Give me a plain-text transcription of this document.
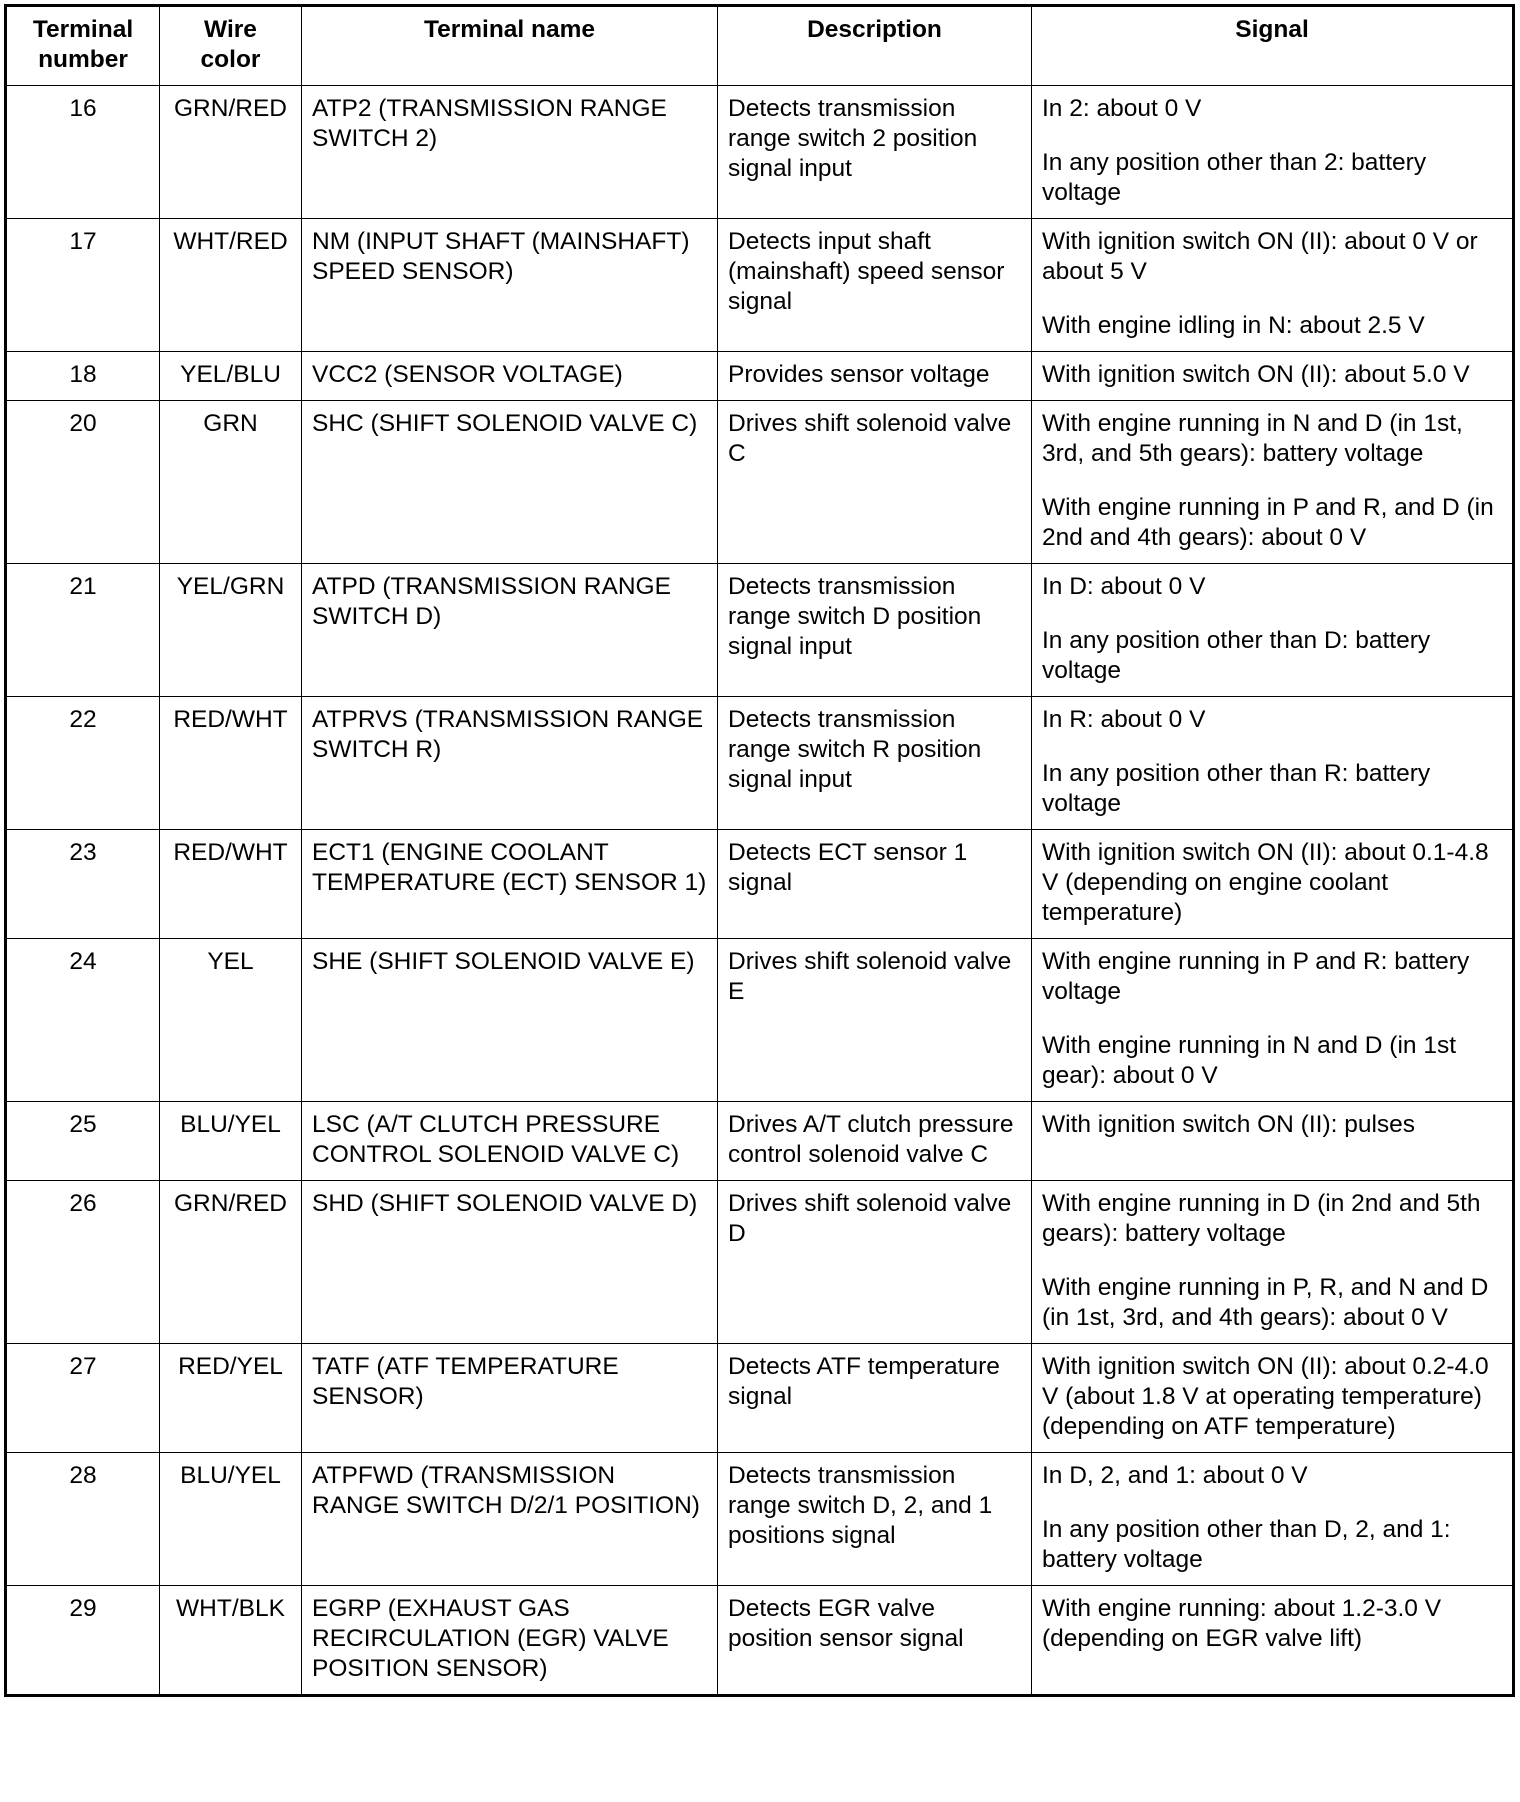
Terminal number	Wire color	Terminal name	Description	Signal
16	GRN/RED	ATP2 (TRANSMISSION RANGE SWITCH 2)	Detects transmission range switch 2 position signal input	In 2: about 0 V
In any position other than 2: battery voltage

17	WHT/RED	NM (INPUT SHAFT (MAINSHAFT) SPEED SENSOR)	Detects input shaft (mainshaft) speed sensor signal	With ignition switch ON (II): about 0 V or about 5 V
With engine idling in N: about 2.5 V

18	YEL/BLU	VCC2 (SENSOR VOLTAGE)	Provides sensor voltage	With ignition switch ON (II): about 5.0 V

20	GRN	SHC (SHIFT SOLENOID VALVE C)	Drives shift solenoid valve C	With engine running in N and D (in 1st, 3rd, and 5th gears): battery voltage
With engine running in P and R, and D (in 2nd and 4th gears): about 0 V

21	YEL/GRN	ATPD (TRANSMISSION RANGE SWITCH D)	Detects transmission range switch D position signal input	In D: about 0 V
In any position other than D: battery voltage

22	RED/WHT	ATPRVS (TRANSMISSION RANGE SWITCH R)	Detects transmission range switch R position signal input	In R: about 0 V
In any position other than R: battery voltage

23	RED/WHT	ECT1 (ENGINE COOLANT TEMPERATURE (ECT) SENSOR 1)	Detects ECT sensor 1 signal	With ignition switch ON (II): about 0.1-4.8 V (depending on engine coolant temperature)

24	YEL	SHE (SHIFT SOLENOID VALVE E)	Drives shift solenoid valve E	With engine running in P and R: battery voltage
With engine running in N and D (in 1st gear): about 0 V

25	BLU/YEL	LSC (A/T CLUTCH PRESSURE CONTROL SOLENOID VALVE C)	Drives A/T clutch pressure control solenoid valve C	With ignition switch ON (II): pulses

26	GRN/RED	SHD (SHIFT SOLENOID VALVE D)	Drives shift solenoid valve D	With engine running in D (in 2nd and 5th gears): battery voltage
With engine running in P, R, and N and D (in 1st, 3rd, and 4th gears): about 0 V

27	RED/YEL	TATF (ATF TEMPERATURE SENSOR)	Detects ATF temperature signal	With ignition switch ON (II): about 0.2-4.0 V (about 1.8 V at operating temperature) (depending on ATF temperature)

28	BLU/YEL	ATPFWD (TRANSMISSION RANGE SWITCH D/2/1 POSITION)	Detects transmission range switch D, 2, and 1 positions signal	In D, 2, and 1: about 0 V
In any position other than D, 2, and 1: battery voltage

29	WHT/BLK	EGRP (EXHAUST GAS RECIRCULATION (EGR) VALVE POSITION SENSOR)	Detects EGR valve position sensor signal	With engine running: about 1.2-3.0 V (depending on EGR valve lift)
